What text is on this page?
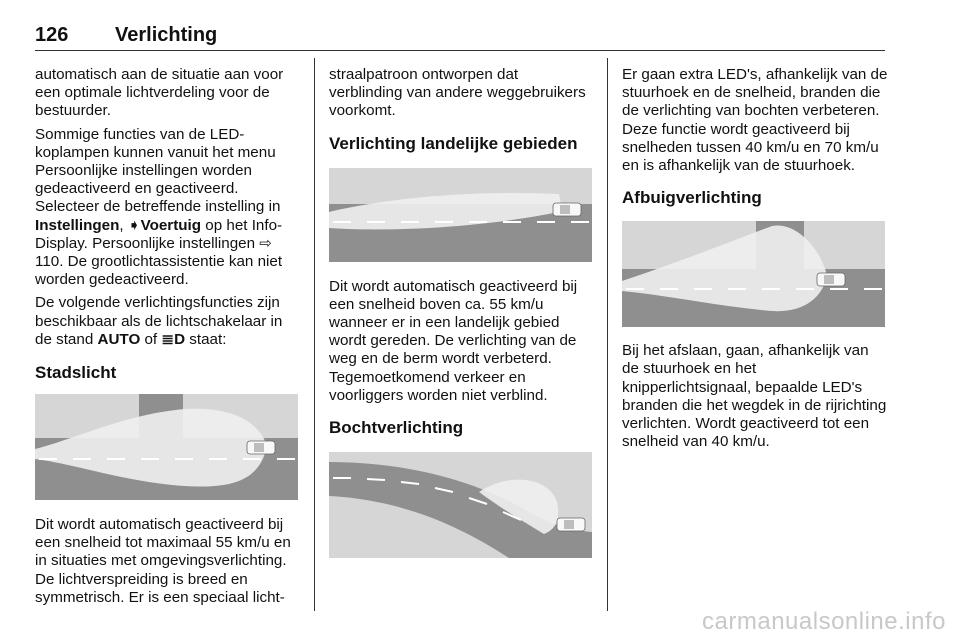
126 Verlichting

automatisch aan de situatie aan voor een optimale lichtverdeling voor de bestuurder.

Sommige functies van de LED-koplampen kunnen vanuit het menu Persoonlijke instellingen worden gedeactiveerd en geactiveerd. Selecteer de betreffende instelling in Instellingen, ➧Voertuig op het Info-Display. Persoonlijke instellingen ⇨ 110. De grootlichtassistentie kan niet worden gedeactiveerd.

De volgende verlichtingsfuncties zijn beschikbaar als de lichtschakelaar in de stand AUTO of ≣D staat:

Stadslicht

Dit wordt automatisch geactiveerd bij een snelheid tot maximaal 55 km/u en in situaties met omgevingsverlichting. De lichtverspreiding is breed en symmetrisch. Er is een speciaal licht-

straalpatroon ontworpen dat verblinding van andere weggebruikers voorkomt.

Verlichting landelijke gebieden

Dit wordt automatisch geactiveerd bij een snelheid boven ca. 55 km/u wanneer er in een landelijk gebied wordt gereden. De verlichting van de weg en de berm wordt verbeterd. Tegemoetkomend verkeer en voorliggers worden niet verblind.

Bochtverlichting

Er gaan extra LED's, afhankelijk van de stuurhoek en de snelheid, branden die de verlichting van bochten verbeteren. Deze functie wordt geactiveerd bij snelheden tussen 40 km/u en 70 km/u en is afhankelijk van de stuurhoek.

Afbuigverlichting

Bij het afslaan, gaan, afhankelijk van de stuurhoek en het knipperlichtsignaal, bepaalde LED's branden die het wegdek in de rijrichting verlichten. Wordt geactiveerd tot een snelheid van 40 km/u.

carmanualsonline.info
